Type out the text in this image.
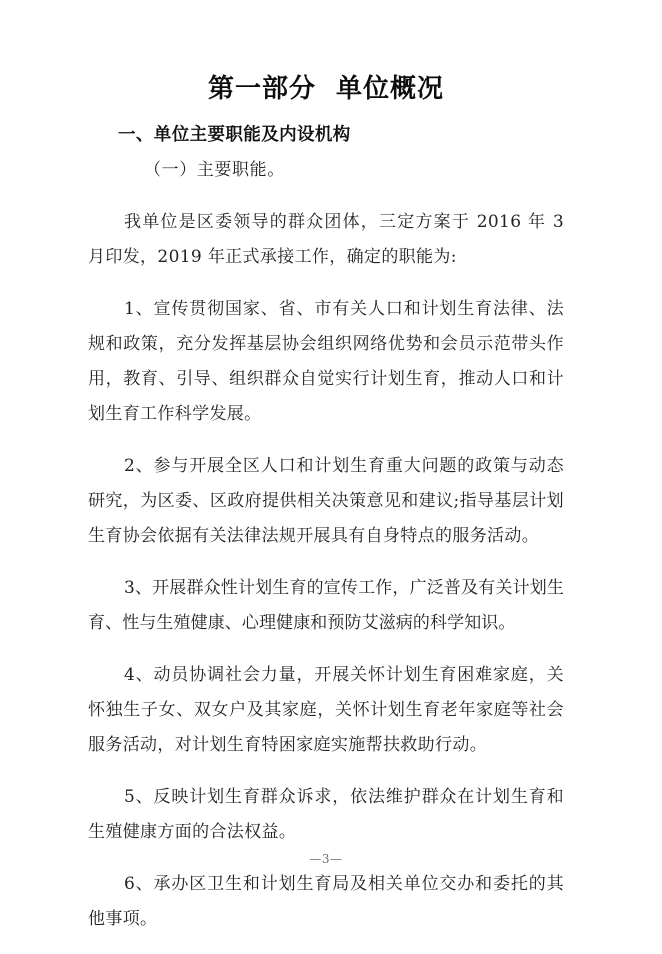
第一部分  单位概况
一、单位主要职能及内设机构
（一）主要职能。

我单位是区委领导的群众团体，三定方案于 2016 年 3 月印发，2019 年正式承接工作，确定的职能为:

1、宣传贯彻国家、省、市有关人口和计划生育法律、法规和政策，充分发挥基层协会组织网络优势和会员示范带头作用，教育、引导、组织群众自觉实行计划生育，推动人口和计划生育工作科学发展。

2、参与开展全区人口和计划生育重大问题的政策与动态研究，为区委、区政府提供相关决策意见和建议;指导基层计划生育协会依据有关法律法规开展具有自身特点的服务活动。

3、开展群众性计划生育的宣传工作，广泛普及有关计划生育、性与生殖健康、心理健康和预防艾滋病的科学知识。

4、动员协调社会力量，开展关怀计划生育困难家庭，关怀独生子女、双女户及其家庭，关怀计划生育老年家庭等社会服务活动，对计划生育特困家庭实施帮扶救助行动。

5、反映计划生育群众诉求，依法维护群众在计划生育和生殖健康方面的合法权益。

6、承办区卫生和计划生育局及相关单位交办和委托的其他事项。

—3—
